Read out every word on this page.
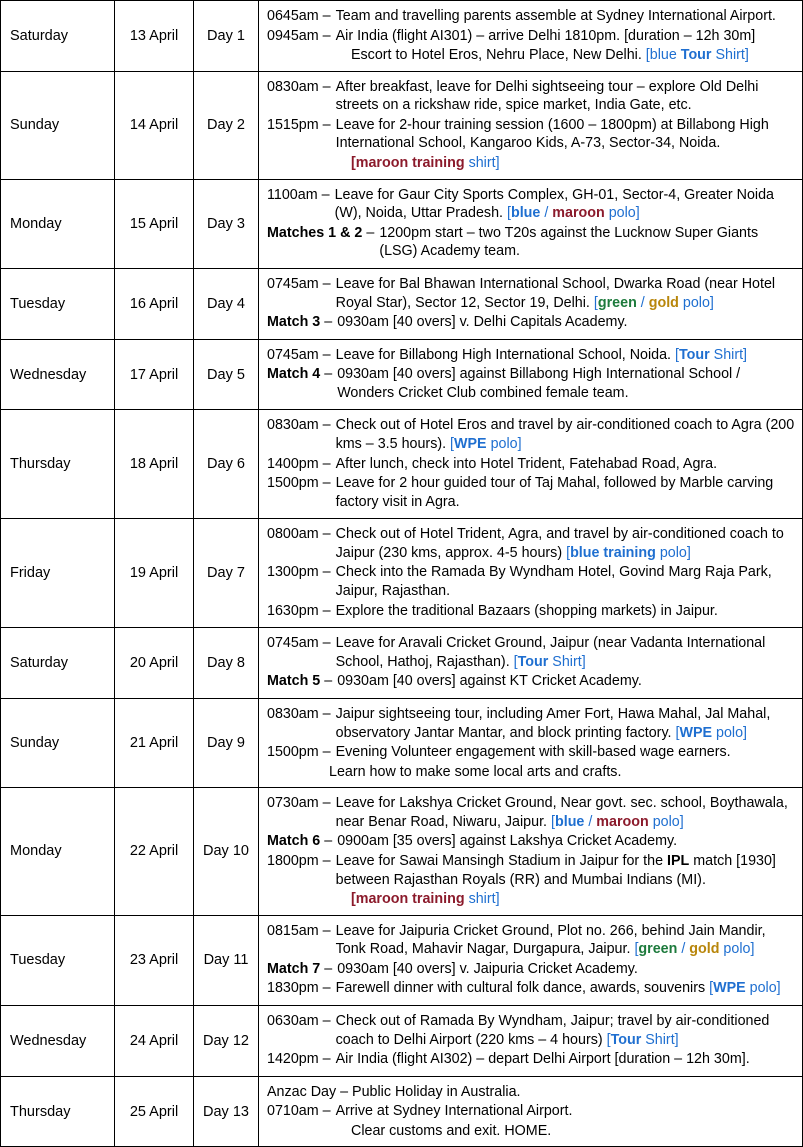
Saturday	13 April	Day 1	
0645am – Team and travelling parents assemble at Sydney International Airport.
0945am – Air India (flight AI301) – arrive Delhi 1810pm. [duration – 12h 30m]
Escort to Hotel Eros, Nehru Place, New Delhi. [blue Tour Shirt]

Sunday	14 April	Day 2	
0830am – After breakfast, leave for Delhi sightseeing tour – explore Old Delhi streets on a rickshaw ride, spice market, India Gate, etc.
1515pm – Leave for 2-hour training session (1600 – 1800pm) at Billabong High International School, Kangaroo Kids, A-73, Sector-34, Noida.
[maroon training shirt]

Monday	15 April	Day 3	
1100am – Leave for Gaur City Sports Complex, GH-01, Sector-4, Greater Noida (W), Noida, Uttar Pradesh. [blue / maroon polo]
Matches 1 & 2 – 1200pm start – two T20s against the Lucknow Super Giants (LSG) Academy team.

Tuesday	16 April	Day 4	
0745am – Leave for Bal Bhawan International School, Dwarka Road (near Hotel Royal Star), Sector 12, Sector 19, Delhi. [green / gold polo]
Match 3 – 0930am [40 overs] v. Delhi Capitals Academy.

Wednesday	17 April	Day 5	
0745am – Leave for Billabong High International School, Noida. [Tour Shirt]
Match 4 – 0930am [40 overs] against Billabong High International School / Wonders Cricket Club combined female team.

Thursday	18 April	Day 6	
0830am – Check out of Hotel Eros and travel by air-conditioned coach to Agra (200 kms – 3.5 hours). [WPE polo]
1400pm – After lunch, check into Hotel Trident, Fatehabad Road, Agra.
1500pm – Leave for 2 hour guided tour of Taj Mahal, followed by Marble carving factory visit in Agra.

Friday	19 April	Day 7	
0800am – Check out of Hotel Trident, Agra, and travel by air-conditioned coach to Jaipur (230 kms, approx. 4-5 hours) [blue training polo]
1300pm – Check into the Ramada By Wyndham Hotel, Govind Marg Raja Park, Jaipur, Rajasthan.
1630pm – Explore the traditional Bazaars (shopping markets) in Jaipur.

Saturday	20 April	Day 8	
0745am – Leave for Aravali Cricket Ground, Jaipur (near Vadanta International School, Hathoj, Rajasthan). [Tour Shirt]
Match 5 – 0930am [40 overs] against KT Cricket Academy.

Sunday	21 April	Day 9	
0830am – Jaipur sightseeing tour, including Amer Fort, Hawa Mahal, Jal Mahal, observatory Jantar Mantar, and block printing factory. [WPE polo]
1500pm – Evening Volunteer engagement with skill-based wage earners.
Learn how to make some local arts and crafts.

Monday	22 April	Day 10	
0730am – Leave for Lakshya Cricket Ground, Near govt. sec. school, Boythawala, near Benar Road, Niwaru, Jaipur. [blue / maroon polo]
Match 6 – 0900am [35 overs] against Lakshya Cricket Academy.
1800pm – Leave for Sawai Mansingh Stadium in Jaipur for the IPL match [1930] between Rajasthan Royals (RR) and Mumbai Indians (MI).
[maroon training shirt]

Tuesday	23 April	Day 11	
0815am – Leave for Jaipuria Cricket Ground, Plot no. 266, behind Jain Mandir, Tonk Road, Mahavir Nagar, Durgapura, Jaipur. [green / gold polo]
Match 7 – 0930am [40 overs] v. Jaipuria Cricket Academy.
1830pm – Farewell dinner with cultural folk dance, awards, souvenirs [WPE polo]

Wednesday	24 April	Day 12	
0630am – Check out of Ramada By Wyndham, Jaipur; travel by air-conditioned coach to Delhi Airport (220 kms – 4 hours) [Tour Shirt]
1420pm – Air India (flight AI302) – depart Delhi Airport [duration – 12h 30m].

Thursday	25 April	Day 13	Anzac Day – Public Holiday in Australia.
0710am – Arrive at Sydney International Airport.
Clear customs and exit. HOME.
